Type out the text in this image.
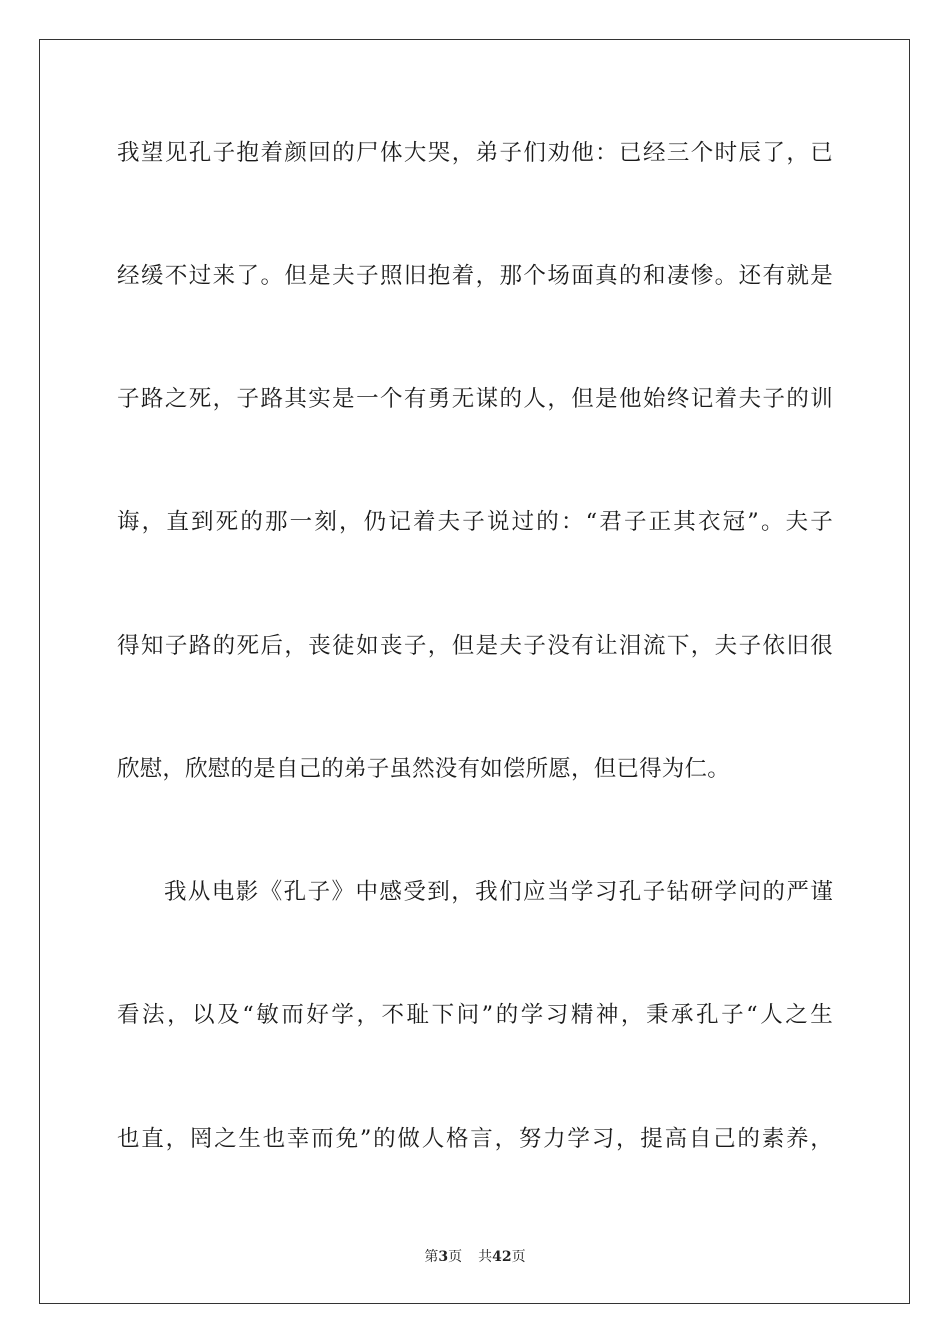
我望见孔子抱着颜回的尸体大哭，弟子们劝他：已经三个时辰了，已
经缓不过来了。但是夫子照旧抱着，那个场面真的和凄惨。还有就是
子路之死，子路其实是一个有勇无谋的人，但是他始终记着夫子的训
诲，直到死的那一刻，仍记着夫子说过的：“君子正其衣冠”。夫子
得知子路的死后，丧徒如丧子，但是夫子没有让泪流下，夫子依旧很
欣慰，欣慰的是自己的弟子虽然没有如偿所愿，但已得为仁。
我从电影《孔子》中感受到，我们应当学习孔子钻研学问的严谨
看法，以及“敏而好学，不耻下问”的学习精神，秉承孔子“人之生
也直，罔之生也幸而免”的做人格言，努力学习，提高自己的素养，
第3页 共42页
